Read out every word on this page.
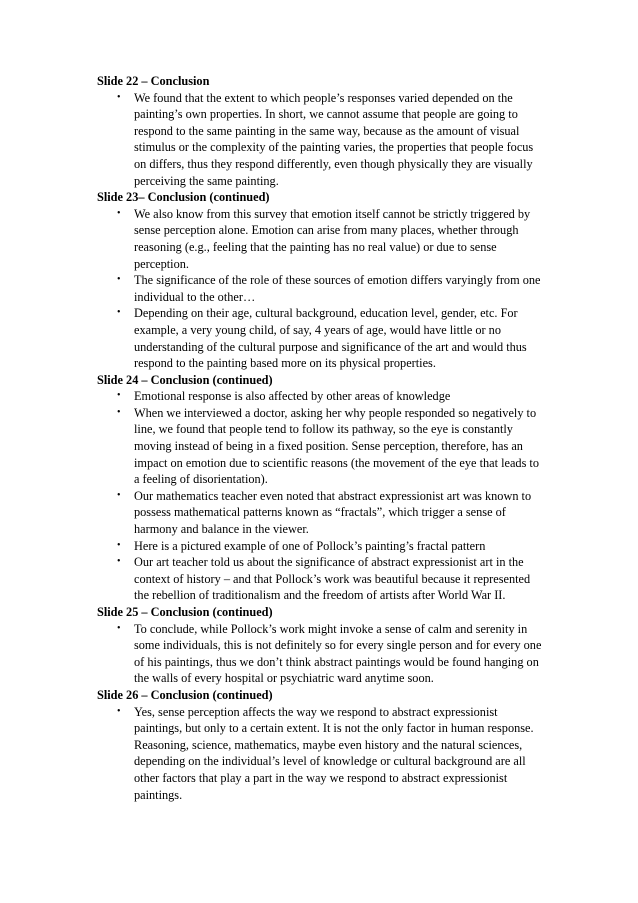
Slide 22 – Conclusion

•	We found that the extent to which people’s responses varied depended on the painting’s own properties. In short, we cannot assume that people are going to respond to the same painting in the same way, because as the amount of visual stimulus or the complexity of the painting varies, the properties that people focus on differs, thus they respond differently, even though physically they are visually perceiving the same painting.

Slide 23– Conclusion (continued)

•	We also know from this survey that emotion itself cannot be strictly triggered by sense perception alone. Emotion can arise from many places, whether through reasoning (e.g., feeling that the painting has no real value) or due to sense perception.
•	The significance of the role of these sources of emotion differs varyingly from one individual to the other…
•	Depending on their age, cultural background, education level, gender, etc. For example, a very young child, of say, 4 years of age, would have little or no understanding of the cultural purpose and significance of the art and would thus respond to the painting based more on its physical properties.

Slide 24 – Conclusion (continued)

•	Emotional response is also affected by other areas of knowledge
•	When we interviewed a doctor, asking her why people responded so negatively to line, we found that people tend to follow its pathway, so the eye is constantly moving instead of being in a fixed position. Sense perception, therefore, has an impact on emotion due to scientific reasons (the movement of the eye that leads to a feeling of disorientation).
•	Our mathematics teacher even noted that abstract expressionist art was known to possess mathematical patterns known as “fractals”, which trigger a sense of harmony and balance in the viewer.
•	Here is a pictured example of one of Pollock’s painting’s fractal pattern
•	Our art teacher told us about the significance of abstract expressionist art in the context of history – and that Pollock’s work was beautiful because it represented the rebellion of traditionalism and the freedom of artists after World War II.

Slide 25 – Conclusion (continued)

•	To conclude, while Pollock’s work might invoke a sense of calm and serenity in some individuals, this is not definitely so for every single person and for every one of his paintings, thus we don’t think abstract paintings would be found hanging on the walls of every hospital or psychiatric ward anytime soon.

Slide 26 – Conclusion (continued)

•	Yes, sense perception affects the way we respond to abstract expressionist paintings, but only to a certain extent. It is not the only factor in human response. Reasoning, science, mathematics, maybe even history and the natural sciences, depending on the individual’s level of knowledge or cultural background are all other factors that play a part in the way we respond to abstract expressionist paintings.
